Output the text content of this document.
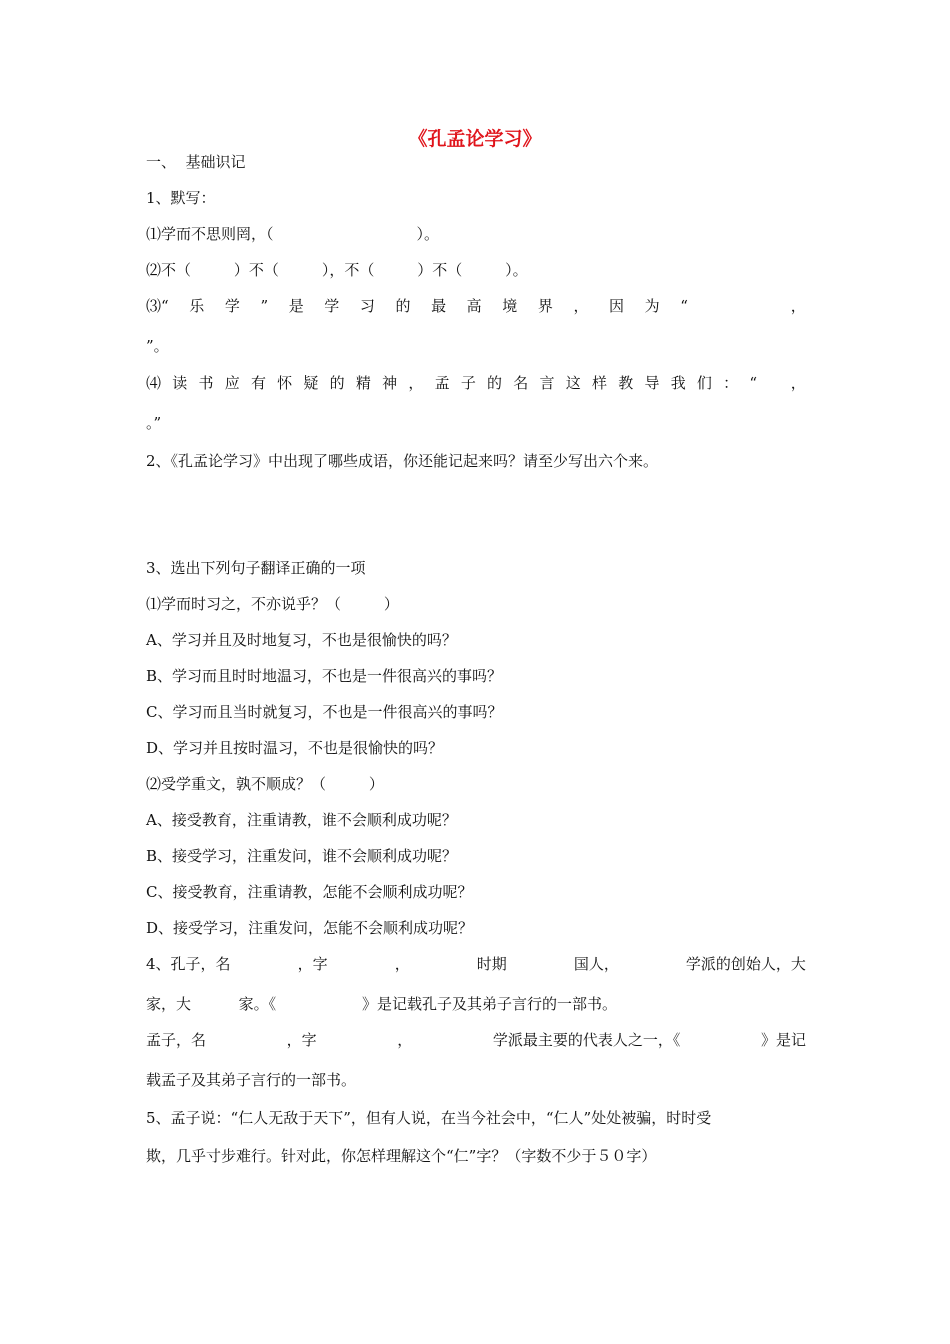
《孔孟论学习》
一、  基础识记
1、默写：
⑴学而不思则罔，（                              ）。
⑵不（         ）不（         ），不（         ）不（         ）。
⑶“ 乐 学 ” 是 学 习 的 最 高 境 界 ， 因 为 “	，
”。
⑷ 读 书 应 有 怀 疑 的 精 神 ， 孟 子 的 名 言 这 样 教 导 我 们 ： “ ，
。”
2、《孔孟论学习》中出现了哪些成语，你还能记起来吗？请至少写出六个来。
3、选出下列句子翻译正确的一项
⑴学而时习之，不亦说乎？（         ）
A、学习并且及时地复习，不也是很愉快的吗？
B、学习而且时时地温习，不也是一件很高兴的事吗？
C、学习而且当时就复习，不也是一件很高兴的事吗？
D、学习并且按时温习，不也是很愉快的吗？
⑵受学重文，孰不顺成？（         ）
A、接受教育，注重请教，谁不会顺利成功呢？
B、接受学习，注重发问，谁不会顺利成功呢？
C、接受教育，注重请教，怎能不会顺利成功呢？
D、接受学习，注重发问，怎能不会顺利成功呢？
4、孔子，名	，字	，	时期	国人，	学派的创始人，大
家，大          家。《                  》是记载孔子及其弟子言行的一部书。
孟子，名	，字	，	学派最主要的代表人之一，《	》是记
载孟子及其弟子言行的一部书。
5、孟子说：“仁人无敌于天下”，但有人说，在当今社会中，“仁人”处处被骗，时时受
欺，几乎寸步难行。针对此，你怎样理解这个“仁”字？（字数不少于５０字）
